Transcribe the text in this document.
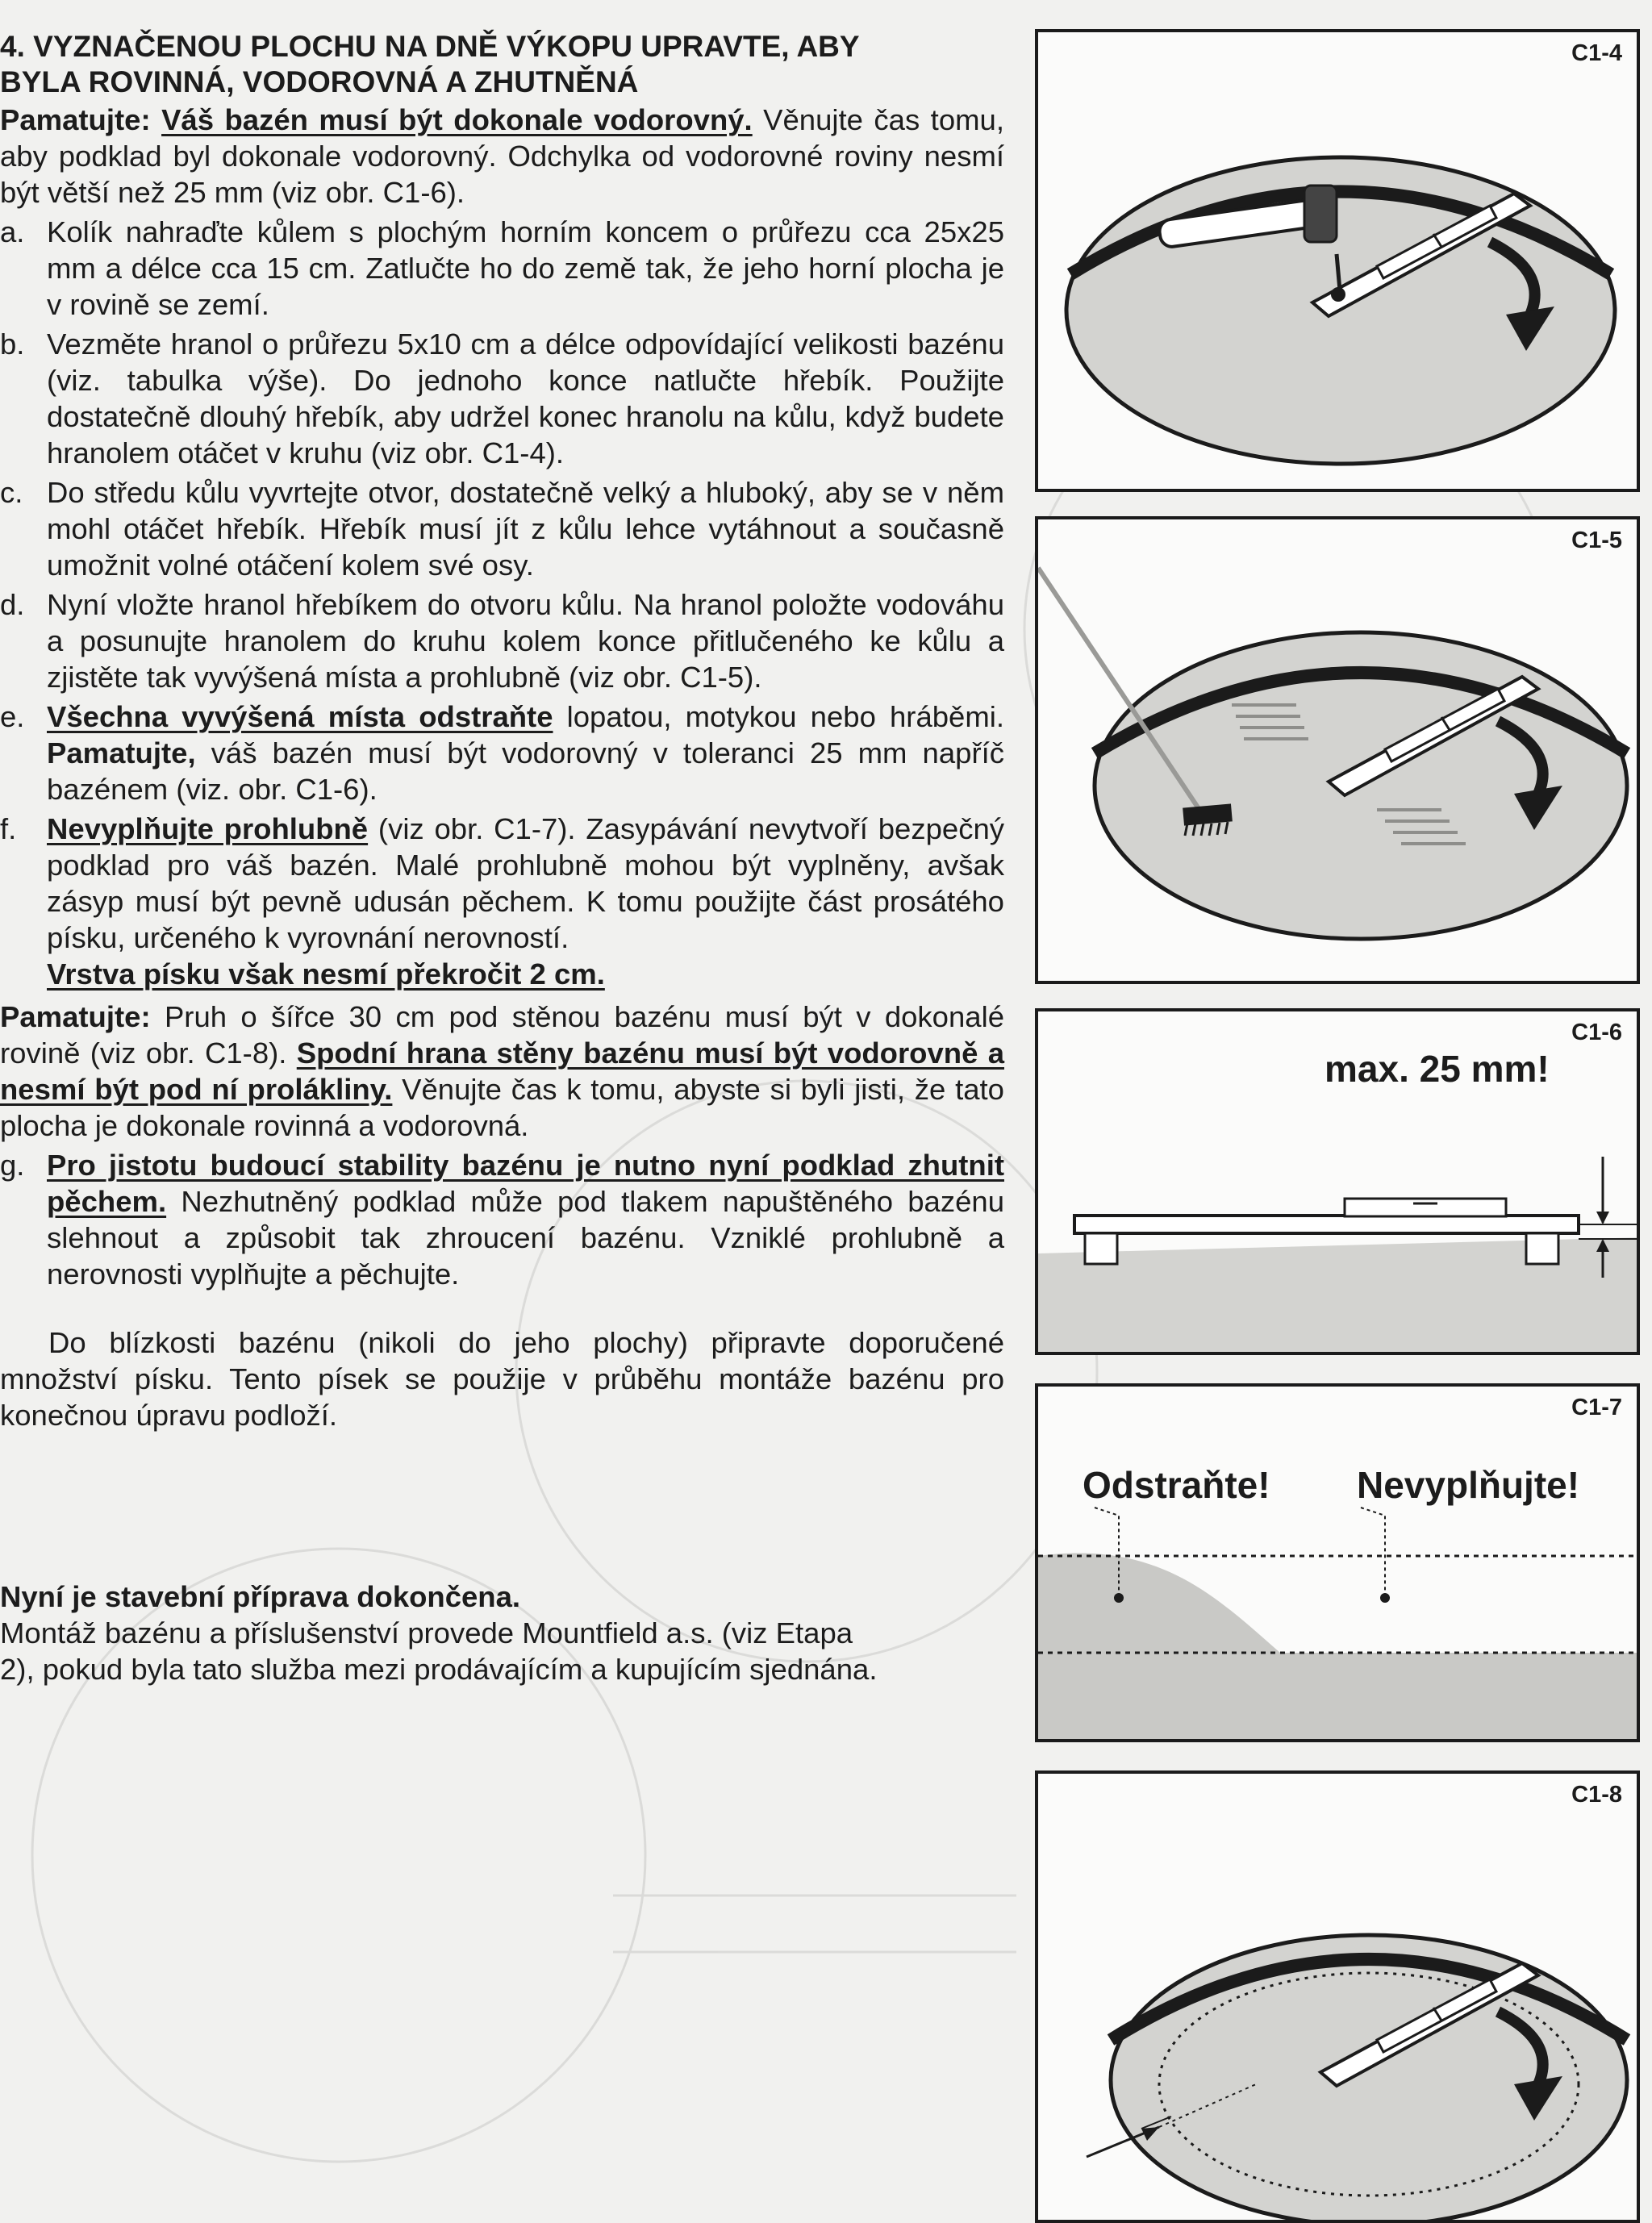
4. VYZNAČENOU PLOCHU NA DNĚ VÝKOPU UPRAVTE, ABY
BYLA ROVINNÁ, VODOROVNÁ A ZHUTNĚNÁ

Pamatujte: Váš bazén musí být dokonale vodorovný. Věnujte čas tomu, aby podklad byl dokonale vodorovný. Odchylka od vodorovné roviny nesmí být větší než 25 mm (viz obr. C1-6).

a. Kolík nahraďte kůlem s plochým horním koncem o průřezu cca 25x25 mm a délce cca 15 cm. Zatlučte ho do země tak, že jeho horní plocha je v rovině se zemí.

b. Vezměte hranol o průřezu 5x10 cm a délce odpovídající velikosti bazénu (viz. tabulka výše). Do jednoho konce natlučte hřebík. Použijte dostatečně dlouhý hřebík, aby udržel konec hranolu na kůlu, když budete hranolem otáčet v kruhu (viz obr. C1-4).

c. Do středu kůlu vyvrtejte otvor, dostatečně velký a hluboký, aby se v něm mohl otáčet hřebík. Hřebík musí jít z kůlu lehce vytáhnout a současně umožnit volné otáčení kolem své osy.

d. Nyní vložte hranol hřebíkem do otvoru kůlu. Na hranol položte vodováhu a posunujte hranolem do kruhu kolem konce přitlučeného ke kůlu a zjistěte tak vyvýšená místa a prohlubně (viz obr. C1-5).

e. Všechna vyvýšená místa odstraňte lopatou, motykou nebo hráběmi. Pamatujte, váš bazén musí být vodorovný v toleranci 25 mm napříč bazénem (viz. obr. C1-6).

f. Nevyplňujte prohlubně (viz obr. C1-7). Zasypávání nevytvoří bezpečný podklad pro váš bazén. Malé prohlubně mohou být vyplněny, avšak zásyp musí být pevně udusán pěchem. K tomu použijte část prosátého písku, určeného k vyrovnání nerovností.
Vrstva písku však nesmí překročit 2 cm.

Pamatujte: Pruh o šířce 30 cm pod stěnou bazénu musí být v dokonalé rovině (viz obr. C1-8). Spodní hrana stěny bazénu musí být vodorovně a nesmí být pod ní prolákliny. Věnujte čas k tomu, abyste si byli jisti, že tato plocha je dokonale rovinná a vodorovná.

g. Pro jistotu budoucí stability bazénu je nutno nyní podklad zhutnit pěchem. Nezhutněný podklad může pod tlakem napuštěného bazénu slehnout a způsobit tak zhroucení bazénu. Vzniklé prohlubně a nerovnosti vyplňujte a pěchujte.

Do blízkosti bazénu (nikoli do jeho plochy) připravte doporučené množství písku. Tento písek se použije v průběhu montáže bazénu pro konečnou úpravu podloží.

Nyní je stavební příprava dokončena.

Montáž bazénu a příslušenství provede Mountfield a.s. (viz Etapa

2), pokud byla tato služba mezi prodávajícím a kupujícím sjednána.

C1-4
C1-5
C1-6
max. 25 mm!
C1-7
Odstraňte! Nevyplňujte!
C1-8
